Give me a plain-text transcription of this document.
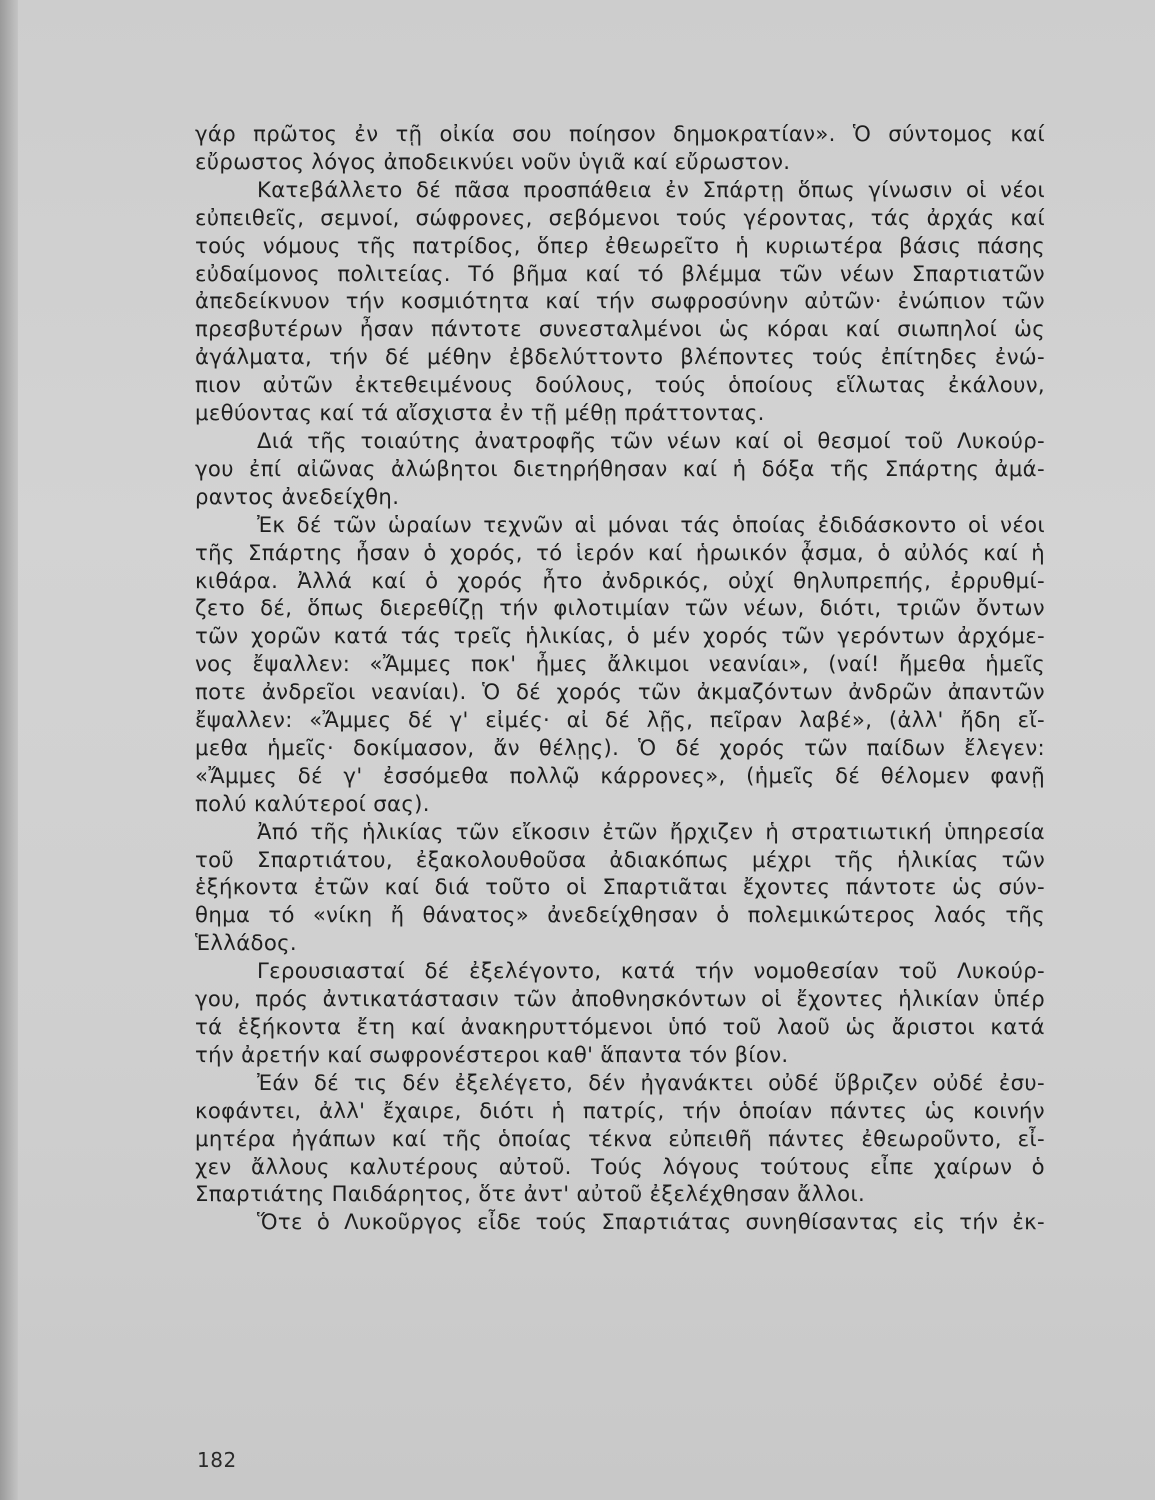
γάρ πρῶτος ἐν τῇ οἰκία σου ποίησον δημοκρατίαν». Ὁ σύντομος καί
εὔρωστος λόγος ἀποδεικνύει νοῦν ὑγιᾶ καί εὔρωστον.
Κατεβάλλετο δέ πᾶσα προσπάθεια ἐν Σπάρτῃ ὅπως γίνωσιν οἱ νέοι
εὐπειθεῖς, σεμνοί, σώφρονες, σεβόμενοι τούς γέροντας, τάς ἀρχάς καί
τούς νόμους τῆς πατρίδος, ὅπερ ἐθεωρεῖτο ἡ κυριωτέρα βάσις πάσης
εὐδαίμονος πολιτείας. Τό βῆμα καί τό βλέμμα τῶν νέων Σπαρτιατῶν
ἀπεδείκνυον τήν κοσμιότητα καί τήν σωφροσύνην αὐτῶν· ἐνώπιον τῶν
πρεσβυτέρων ἦσαν πάντοτε συνεσταλμένοι ὡς κόραι καί σιωπηλοί ὡς
ἀγάλματα, τήν δέ μέθην ἐβδελύττοντο βλέποντες τούς ἐπίτηδες ἐνώ-
πιον αὐτῶν ἐκτεθειμένους δούλους, τούς ὁποίους εἵλωτας ἐκάλουν,
μεθύοντας καί τά αἴσχιστα ἐν τῇ μέθῃ πράττοντας.
Διά τῆς τοιαύτης ἀνατροφῆς τῶν νέων καί οἱ θεσμοί τοῦ Λυκούρ-
γου ἐπί αἰῶνας ἀλώβητοι διετηρήθησαν καί ἡ δόξα τῆς Σπάρτης ἀμά-
ραντος ἀνεδείχθη.
Ἐκ δέ τῶν ὡραίων τεχνῶν αἱ μόναι τάς ὁποίας ἐδιδάσκοντο οἱ νέοι
τῆς Σπάρτης ἦσαν ὁ χορός, τό ἱερόν καί ἡρωικόν ᾆσμα, ὁ αὐλός καί ἡ
κιθάρα. Ἀλλά καί ὁ χορός ἦτο ἀνδρικός, οὐχί θηλυπρεπής, ἐρρυθμί-
ζετο δέ, ὅπως διερεθίζῃ τήν φιλοτιμίαν τῶν νέων, διότι, τριῶν ὄντων
τῶν χορῶν κατά τάς τρεῖς ἡλικίας, ὁ μέν χορός τῶν γερόντων ἀρχόμε-
νος ἔψαλλεν: «Ἄμμες ποκ' ἦμες ἄλκιμοι νεανίαι», (ναί! ἤμεθα ἡμεῖς
ποτε ἀνδρεῖοι νεανίαι). Ὁ δέ χορός τῶν ἀκμαζόντων ἀνδρῶν ἀπαντῶν
ἔψαλλεν: «Ἄμμες δέ γ' εἰμές· αἰ δέ λῇς, πεῖραν λαβέ», (ἀλλ' ἤδη εἴ-
μεθα ἡμεῖς· δοκίμασον, ἄν θέλῃς). Ὁ δέ χορός τῶν παίδων ἔλεγεν:
«Ἄμμες δέ γ' ἐσσόμεθα πολλῷ κάρρονες», (ἡμεῖς δέ θέλομεν φανῇ
πολύ καλύτεροί σας).
Ἀπό τῆς ἡλικίας τῶν εἴκοσιν ἐτῶν ἤρχιζεν ἡ στρατιωτική ὑπηρεσία
τοῦ Σπαρτιάτου, ἐξακολουθοῦσα ἀδιακόπως μέχρι τῆς ἡλικίας τῶν
ἑξήκοντα ἐτῶν καί διά τοῦτο οἱ Σπαρτιᾶται ἔχοντες πάντοτε ὡς σύν-
θημα τό «νίκη ἤ θάνατος» ἀνεδείχθησαν ὁ πολεμικώτερος λαός τῆς
Ἑλλάδος.
Γερουσιασταί δέ ἐξελέγοντο, κατά τήν νομοθεσίαν τοῦ Λυκούρ-
γου, πρός ἀντικατάστασιν τῶν ἀποθνησκόντων οἱ ἔχοντες ἡλικίαν ὑπέρ
τά ἑξήκοντα ἔτη καί ἀνακηρυττόμενοι ὑπό τοῦ λαοῦ ὡς ἄριστοι κατά
τήν ἀρετήν καί σωφρονέστεροι καθ' ἅπαντα τόν βίον.
Ἐάν δέ τις δέν ἐξελέγετο, δέν ἠγανάκτει οὐδέ ὕβριζεν οὐδέ ἐσυ-
κοφάντει, ἀλλ' ἔχαιρε, διότι ἡ πατρίς, τήν ὁποίαν πάντες ὡς κοινήν
μητέρα ἠγάπων καί τῆς ὁποίας τέκνα εὐπειθῆ πάντες ἐθεωροῦντο, εἶ-
χεν ἄλλους καλυτέρους αὐτοῦ. Τούς λόγους τούτους εἶπε χαίρων ὁ
Σπαρτιάτης Παιδάρητος, ὅτε ἀντ' αὐτοῦ ἐξελέχθησαν ἄλλοι.
Ὅτε ὁ Λυκοῦργος εἶδε τούς Σπαρτιάτας συνηθίσαντας εἰς τήν ἐκ-
182
